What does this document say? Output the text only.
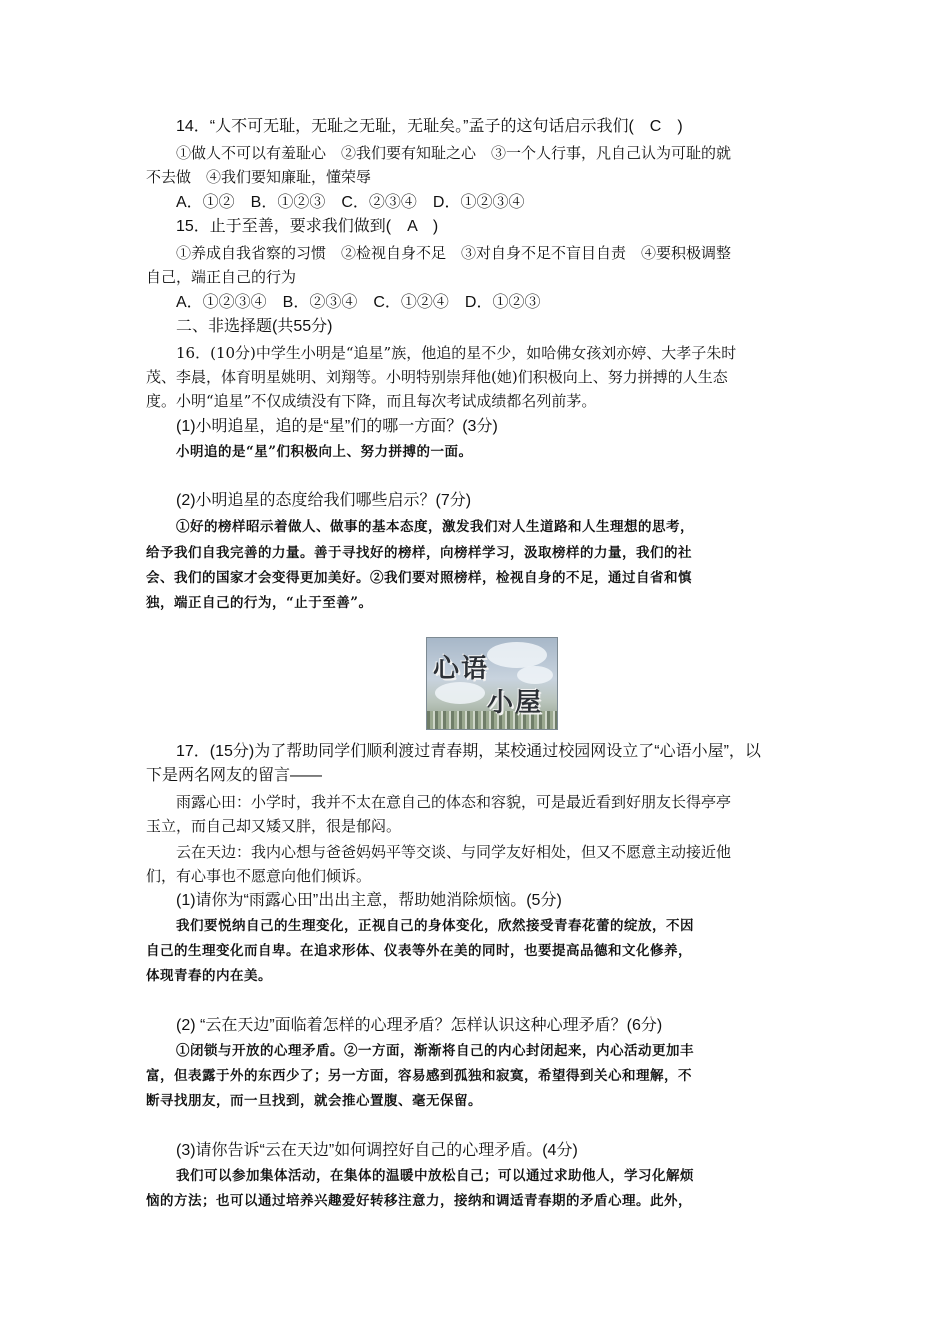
14．“人不可无耻，无耻之无耻，无耻矣。”孟子的这句话启示我们(　C　)
①做人不可以有羞耻心　②我们要有知耻之心　③一个人行事，凡自己认为可耻的就
不去做　④我们要知廉耻，懂荣辱
A．①②　B．①②③　C．②③④　D．①②③④
15．止于至善，要求我们做到(　A　)
①养成自我省察的习惯　②检视自身不足　③对自身不足不盲目自责　④要积极调整
自己，端正自己的行为
A．①②③④　B．②③④　C．①②④　D．①②③
二、非选择题(共55分)
16．(10分)中学生小明是“追星”族，他追的星不少，如哈佛女孩刘亦婷、大孝子朱时
茂、李晨，体育明星姚明、刘翔等。小明特别崇拜他(她)们积极向上、努力拼搏的人生态
度。小明“追星”不仅成绩没有下降，而且每次考试成绩都名列前茅。
(1)小明追星，追的是“星”们的哪一方面？(3分)
小明追的是“星”们积极向上、努力拼搏的一面。
(2)小明追星的态度给我们哪些启示？(7分)
①好的榜样昭示着做人、做事的基本态度，激发我们对人生道路和人生理想的思考，
给予我们自我完善的力量。善于寻找好的榜样，向榜样学习，汲取榜样的力量，我们的社
会、我们的国家才会变得更加美好。②我们要对照榜样，检视自身的不足，通过自省和慎
独，端正自己的行为，“止于至善”。
心语
小屋
17．(15分)为了帮助同学们顺利渡过青春期，某校通过校园网设立了“心语小屋”，以
下是两名网友的留言——
雨露心田：小学时，我并不太在意自己的体态和容貌，可是最近看到好朋友长得亭亭
玉立，而自己却又矮又胖，很是郁闷。
云在天边：我内心想与爸爸妈妈平等交谈、与同学友好相处，但又不愿意主动接近他
们，有心事也不愿意向他们倾诉。
(1)请你为“雨露心田”出出主意，帮助她消除烦恼。(5分)
我们要悦纳自己的生理变化，正视自己的身体变化，欣然接受青春花蕾的绽放，不因
自己的生理变化而自卑。在追求形体、仪表等外在美的同时，也要提高品德和文化修养，
体现青春的内在美。
(2) “云在天边”面临着怎样的心理矛盾？怎样认识这种心理矛盾？(6分)
①闭锁与开放的心理矛盾。②一方面，渐渐将自己的内心封闭起来，内心活动更加丰
富，但表露于外的东西少了；另一方面，容易感到孤独和寂寞，希望得到关心和理解，不
断寻找朋友，而一旦找到，就会推心置腹、毫无保留。
(3)请你告诉“云在天边”如何调控好自己的心理矛盾。(4分)
我们可以参加集体活动，在集体的温暖中放松自己；可以通过求助他人，学习化解烦
恼的方法；也可以通过培养兴趣爱好转移注意力，接纳和调适青春期的矛盾心理。此外，
